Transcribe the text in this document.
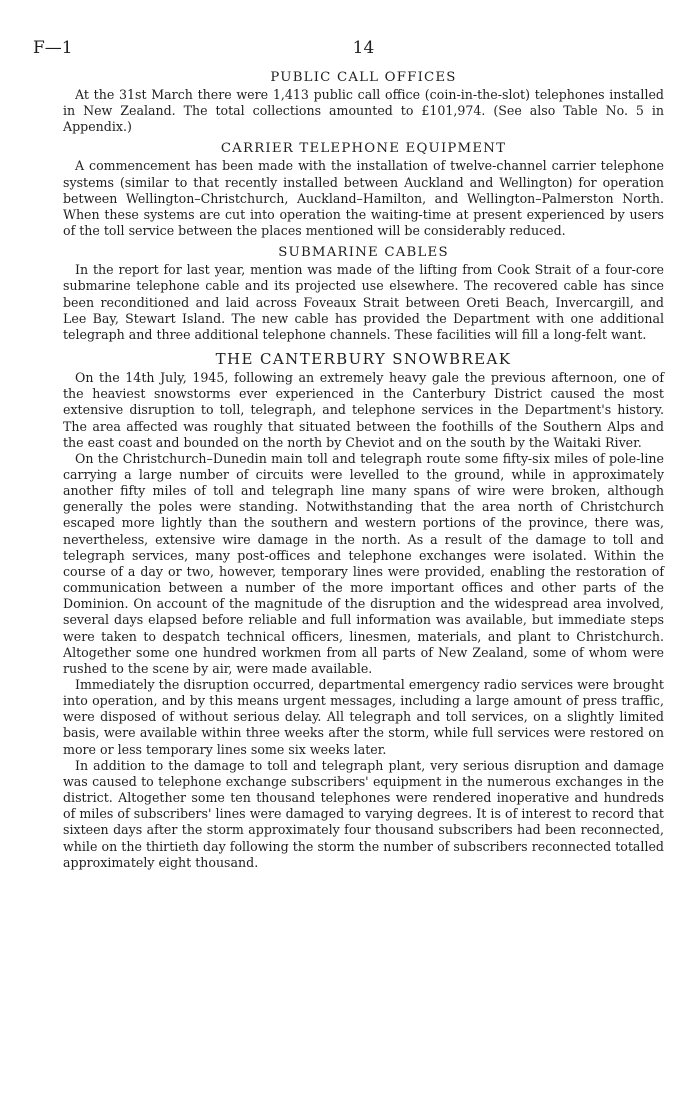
F—1	14
PUBLIC CALL OFFICES

At the 31st March there were 1,413 public call office (coin-in-the-slot) telephones installed in New Zealand. The total collections amounted to £101,974. (See also Table No. 5 in Appendix.)

CARRIER TELEPHONE EQUIPMENT

A commencement has been made with the installation of twelve-channel carrier telephone systems (similar to that recently installed between Auckland and Wellington) for operation between Wellington–Christchurch, Auckland–Hamilton, and Wellington–Palmerston North. When these systems are cut into operation the waiting-time at present experienced by users of the toll service between the places mentioned will be considerably reduced.

SUBMARINE CABLES

In the report for last year, mention was made of the lifting from Cook Strait of a four-core submarine telephone cable and its projected use elsewhere. The recovered cable has since been reconditioned and laid across Foveaux Strait between Oreti Beach, Invercargill, and Lee Bay, Stewart Island. The new cable has provided the Department with one additional telegraph and three additional telephone channels. These facilities will fill a long-felt want.

THE CANTERBURY SNOWBREAK

On the 14th July, 1945, following an extremely heavy gale the previous afternoon, one of the heaviest snowstorms ever experienced in the Canterbury District caused the most extensive disruption to toll, telegraph, and telephone services in the Department's history. The area affected was roughly that situated between the foothills of the Southern Alps and the east coast and bounded on the north by Cheviot and on the south by the Waitaki River.

On the Christchurch–Dunedin main toll and telegraph route some fifty-six miles of pole-line carrying a large number of circuits were levelled to the ground, while in approximately another fifty miles of toll and telegraph line many spans of wire were broken, although generally the poles were standing. Notwithstanding that the area north of Christchurch escaped more lightly than the southern and western portions of the province, there was, nevertheless, extensive wire damage in the north. As a result of the damage to toll and telegraph services, many post-offices and telephone exchanges were isolated. Within the course of a day or two, however, temporary lines were provided, enabling the restoration of communication between a number of the more important offices and other parts of the Dominion. On account of the magnitude of the disruption and the widespread area involved, several days elapsed before reliable and full information was available, but immediate steps were taken to despatch technical officers, linesmen, materials, and plant to Christchurch. Altogether some one hundred workmen from all parts of New Zealand, some of whom were rushed to the scene by air, were made available.

Immediately the disruption occurred, departmental emergency radio services were brought into operation, and by this means urgent messages, including a large amount of press traffic, were disposed of without serious delay. All telegraph and toll services, on a slightly limited basis, were available within three weeks after the storm, while full services were restored on more or less temporary lines some six weeks later.

In addition to the damage to toll and telegraph plant, very serious disruption and damage was caused to telephone exchange subscribers' equipment in the numerous exchanges in the district. Altogether some ten thousand telephones were rendered inoperative and hundreds of miles of subscribers' lines were damaged to varying degrees. It is of interest to record that sixteen days after the storm approximately four thousand subscribers had been reconnected, while on the thirtieth day following the storm the number of subscribers reconnected totalled approximately eight thousand.
